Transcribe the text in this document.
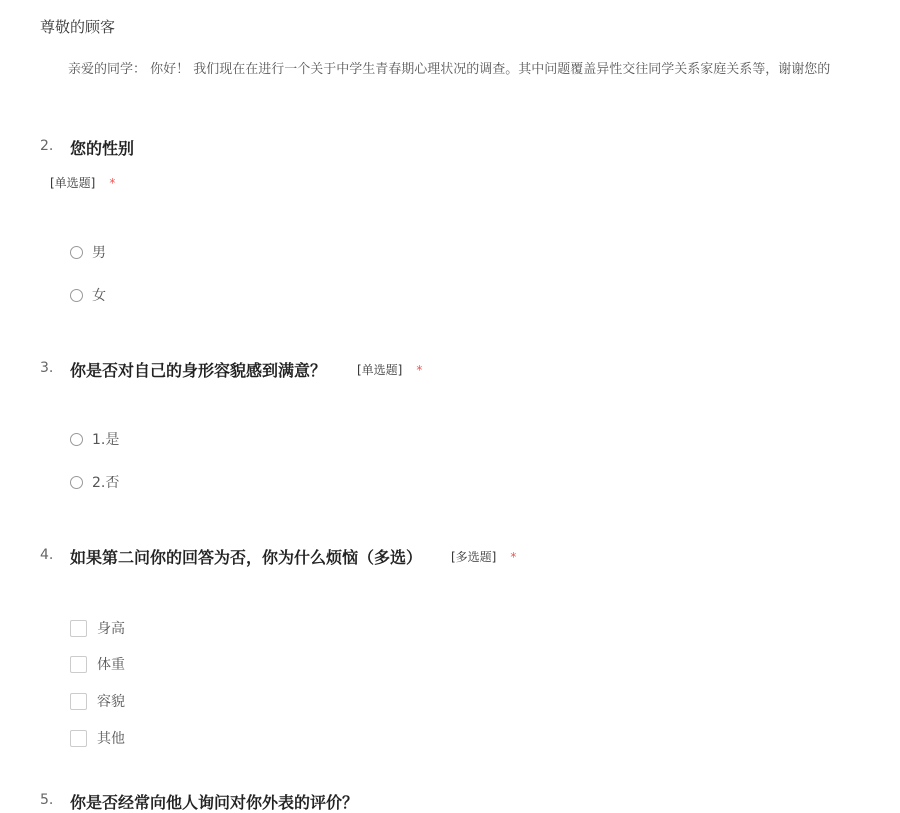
尊敬的顾客
亲爱的同学： 你好！ 我们现在在进行一个关于中学生青春期心理状况的调查。其中问题覆盖异性交往同学关系家庭关系等，谢谢您的
2. 您的性别
[单选题] *
男
女
3. 你是否对自己的身形容貌感到满意？	[单选题] *
1.是
2.否
4. 如果第二问你的回答为否，你为什么烦恼（多选） [多选题] *
身高
体重
容貌
其他
5. 你是否经常向他人询问对你外表的评价？
